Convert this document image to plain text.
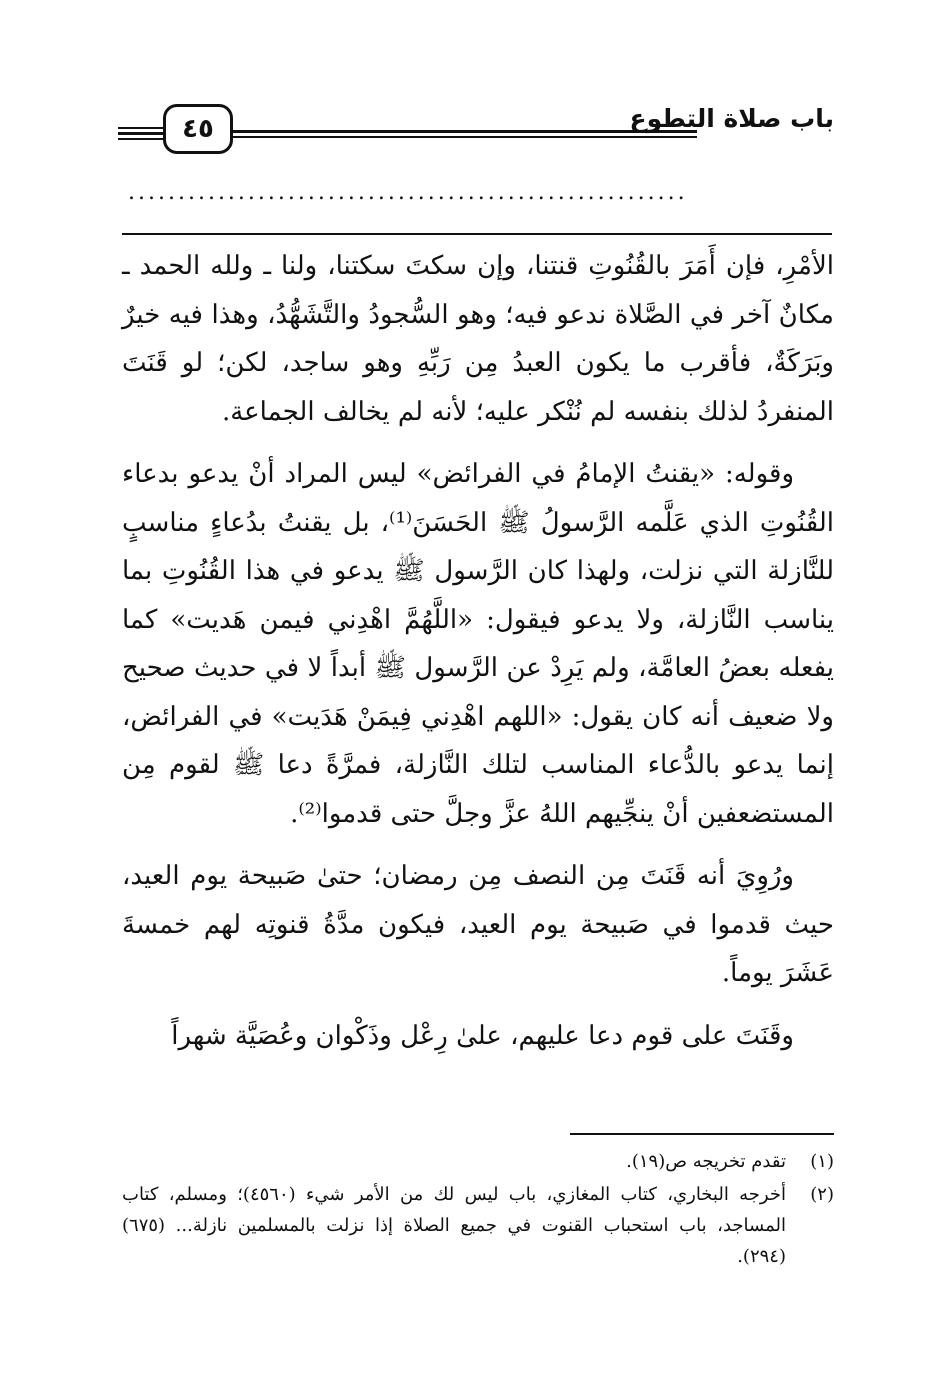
٤٥	باب صلاة التطوع
........................................................

الأمْرِ، فإن أَمَرَ بالقُنُوتِ قنتنا، وإن سكتَ سكتنا، ولنا ـ ولله الحمد ـ مكانٌ آخر في الصَّلاة ندعو فيه؛ وهو السُّجودُ والتَّشَهُّدُ، وهذا فيه خيرٌ وبَرَكَةٌ، فأقرب ما يكون العبدُ مِن رَبِّهِ وهو ساجد، لكن؛ لو قَنَتَ المنفردُ لذلك بنفسه لم نُنْكر عليه؛ لأنه لم يخالف الجماعة.

وقوله: «يقنتُ الإمامُ في الفرائض» ليس المراد أنْ يدعو بدعاء القُنُوتِ الذي عَلَّمه الرَّسولُ ﷺ الحَسَنَ⁽¹⁾، بل يقنتُ بدُعاءٍ مناسبٍ للنَّازلة التي نزلت، ولهذا كان الرَّسول ﷺ يدعو في هذا القُنُوتِ بما يناسب النَّازلة، ولا يدعو فيقول: «اللَّهُمَّ اهْدِني فيمن هَديت» كما يفعله بعضُ العامَّة، ولم يَرِدْ عن الرَّسول ﷺ أبداً لا في حديث صحيح ولا ضعيف أنه كان يقول: «اللهم اهْدِني فِيمَنْ هَدَيت» في الفرائض، إنما يدعو بالدُّعاء المناسب لتلك النَّازلة، فمرَّةً دعا ﷺ لقوم مِن المستضعفين أنْ ينجِّيهم اللهُ عزَّ وجلَّ حتى قدموا⁽²⁾.

ورُوِيَ أنه قَنَتَ مِن النصف مِن رمضان؛ حتىٰ صَبيحة يوم العيد، حيث قدموا في صَبيحة يوم العيد، فيكون مدَّةُ قنوتِه لهم خمسةَ عَشَرَ يوماً.

وقَنَتَ على قوم دعا عليهم، علىٰ رِعْل وذَكْوان وعُصَيَّة شهراً

(١)
تقدم تخريجه ص(١٩).
(٢)
أخرجه البخاري، كتاب المغازي، باب ليس لك من الأمر شيء (٤٥٦٠)؛ ومسلم، كتاب المساجد، باب استحباب القنوت في جميع الصلاة إذا نزلت بالمسلمين نازلة... (٦٧٥) (٢٩٤).
